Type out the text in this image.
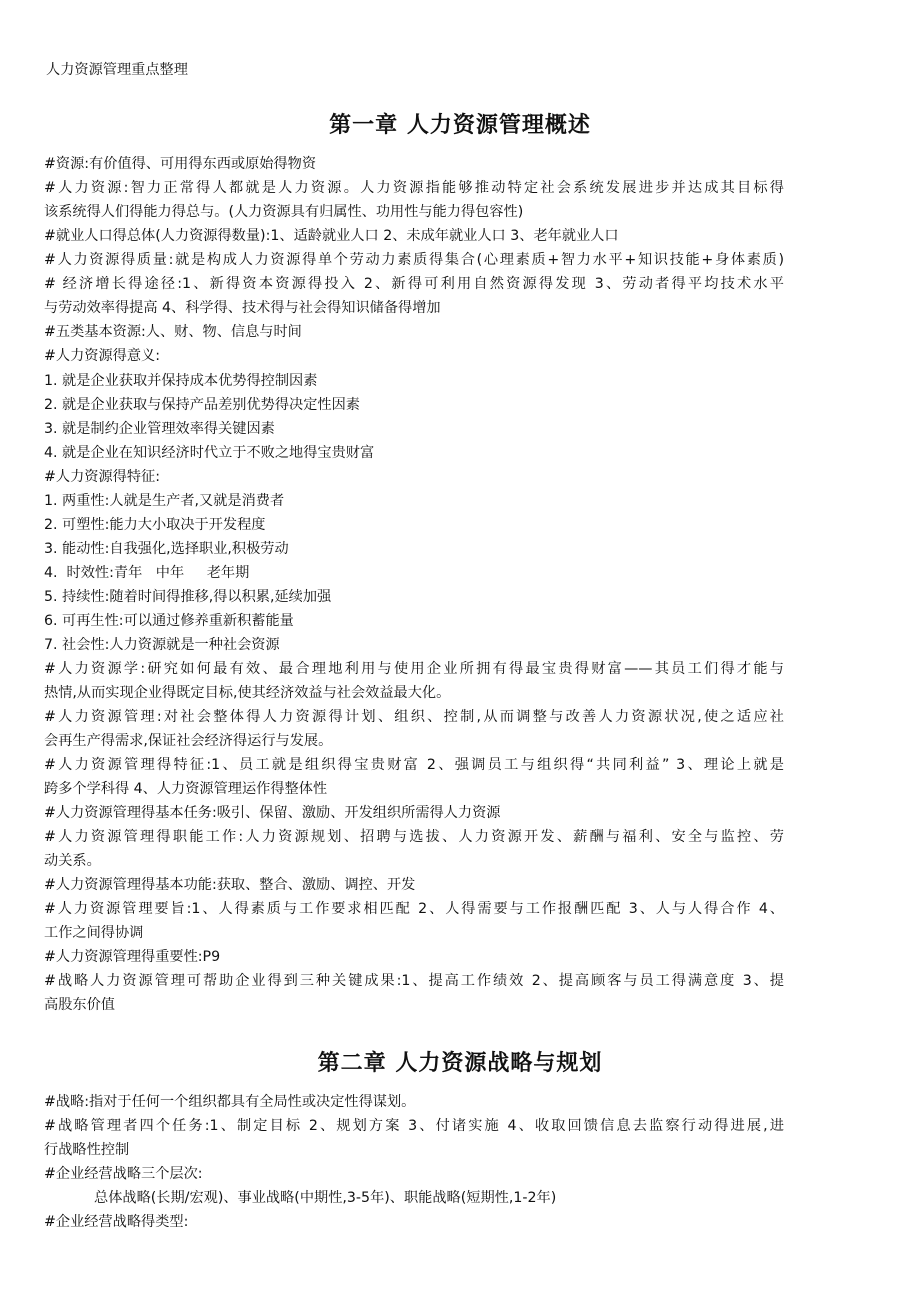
人力资源管理重点整理
第一章 人力资源管理概述
#资源:有价值得、可用得东西或原始得物资
#人力资源:智力正常得人都就是人力资源。人力资源指能够推动特定社会系统发展进步并达成其目标得
该系统得人们得能力得总与。(人力资源具有归属性、功用性与能力得包容性)
#就业人口得总体(人力资源得数量):1、适龄就业人口 2、未成年就业人口 3、老年就业人口
#人力资源得质量:就是构成人力资源得单个劳动力素质得集合(心理素质+智力水平+知识技能+身体素质)
# 经济增长得途径:1、新得资本资源得投入 2、新得可利用自然资源得发现 3、劳动者得平均技术水平
与劳动效率得提高 4、科学得、技术得与社会得知识储备得增加
#五类基本资源:人、财、物、信息与时间
#人力资源得意义:
1. 就是企业获取并保持成本优势得控制因素
2. 就是企业获取与保持产品差别优势得决定性因素
3. 就是制约企业管理效率得关键因素
4. 就是企业在知识经济时代立于不败之地得宝贵财富
#人力资源得特征:
1. 两重性:人就是生产者,又就是消费者
2. 可塑性:能力大小取决于开发程度
3. 能动性:自我强化,选择职业,积极劳动
4.  时效性:青年   中年     老年期
5. 持续性:随着时间得推移,得以积累,延续加强
6. 可再生性:可以通过修养重新积蓄能量
7. 社会性:人力资源就是一种社会资源
#人力资源学:研究如何最有效、最合理地利用与使用企业所拥有得最宝贵得财富——其员工们得才能与
热情,从而实现企业得既定目标,使其经济效益与社会效益最大化。
#人力资源管理:对社会整体得人力资源得计划、组织、控制,从而调整与改善人力资源状况,使之适应社
会再生产得需求,保证社会经济得运行与发展。
#人力资源管理得特征:1、员工就是组织得宝贵财富 2、强调员工与组织得“共同利益” 3、理论上就是
跨多个学科得 4、人力资源管理运作得整体性
#人力资源管理得基本任务:吸引、保留、激励、开发组织所需得人力资源
#人力资源管理得职能工作:人力资源规划、招聘与选拔、人力资源开发、薪酬与福利、安全与监控、劳
动关系。
#人力资源管理得基本功能:获取、整合、激励、调控、开发
#人力资源管理要旨:1、人得素质与工作要求相匹配 2、人得需要与工作报酬匹配 3、人与人得合作 4、
工作之间得协调
#人力资源管理得重要性:P9
#战略人力资源管理可帮助企业得到三种关键成果:1、提高工作绩效 2、提高顾客与员工得满意度 3、提
高股东价值
第二章 人力资源战略与规划
#战略:指对于任何一个组织都具有全局性或决定性得谋划。
#战略管理者四个任务:1、制定目标 2、规划方案 3、付诸实施 4、收取回馈信息去监察行动得进展,进
行战略性控制
#企业经营战略三个层次:
总体战略(长期/宏观)、事业战略(中期性,3-5年)、职能战略(短期性,1-2年)
#企业经营战略得类型:
